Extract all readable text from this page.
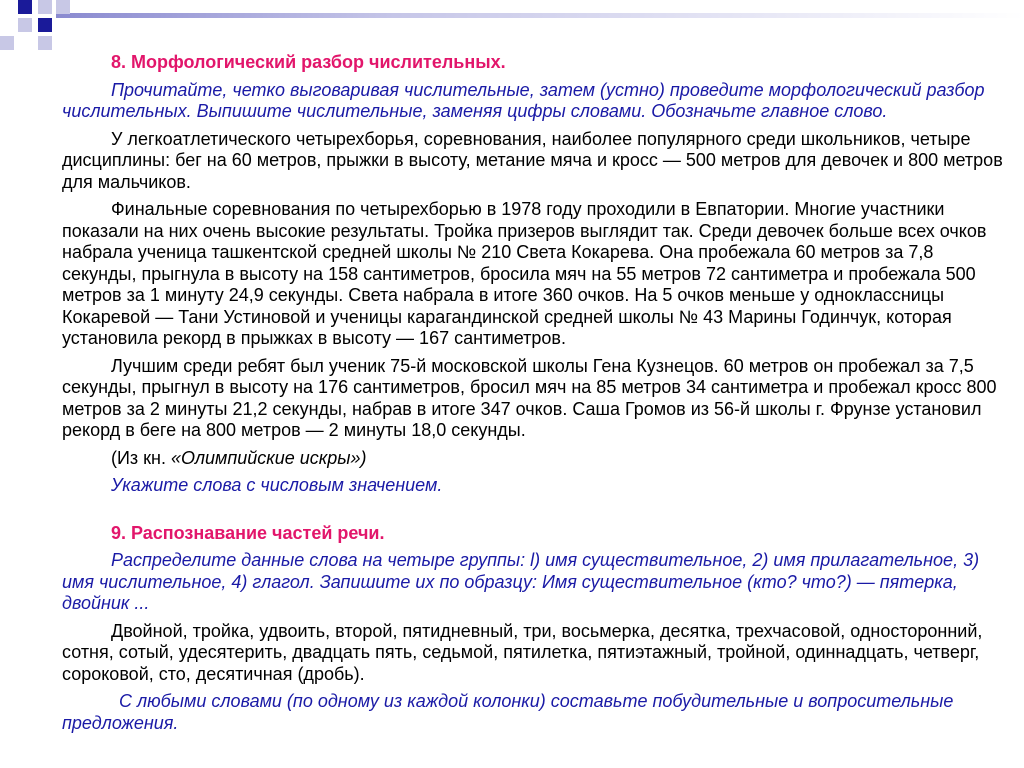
8. Морфологический разбор числительных.

Прочитайте, четко выговаривая числительные, затем (устно) проведите морфологический разбор числительных. Выпишите числительные, заменяя цифры словами. Обозначьте главное слово.

У легкоатлетического четырехборья, соревнования, наиболее популярного среди школьников, четыре дисциплины: бег на 60 метров, прыжки в высоту, метание мяча и кросс — 500 метров для девочек и 800 метров для мальчиков.

Финальные соревнования по четырехборью в 1978 году проходили в Евпатории. Многие участники показали на них очень высокие результаты. Тройка призеров выглядит так. Среди девочек больше всех очков набрала ученица ташкентской средней школы № 210 Света Кокарева. Она пробежала 60 метров за 7,8 секунды, прыгнула в высоту на 158 сантиметров, бросила мяч на 55 метров 72 сантиметра и пробежала 500 метров за 1 минуту 24,9 секунды. Света набрала в итоге 360 очков. На 5 очков меньше у одноклассницы Кокаревой — Тани Устиновой и ученицы карагандинской средней школы № 43 Марины Годинчук, которая установила рекорд в прыжках в высоту — 167 сантиметров.

Лучшим среди ребят был ученик 75-й московской школы Гена Кузнецов. 60 метров он пробежал за 7,5 секунды, прыгнул в высоту на 176 сантиметров, бросил мяч на 85 метров 34 сантиметра и пробежал кросс 800 метров за 2 минуты 21,2 секунды, набрав в итоге 347 очков. Саша Громов из 56-й школы г. Фрунзе установил рекорд в беге на 800 метров — 2 минуты 18,0 секунды.

(Из кн. «Олимпийские искры»)

Укажите слова с числовым значением.

9. Распознавание частей речи.

Распределите данные слова на четыре группы: l) имя существительное, 2) имя прилагательное, 3) имя числительное, 4) глагол. Запишите их по образцу: Имя существительное (кто? что?) — пятерка, двойник ...

Двойной, тройка, удвоить, второй, пятидневный, три, восьмерка, десятка, трехчасовой, односторонний, сотня, сотый, удесятерить, двадцать пять, седьмой, пятилетка, пятиэтажный, тройной, одиннадцать, четверг, сороковой, сто, десятичная (дробь).

С любыми словами (по одному из каждой колонки) составьте побудительные и вопросительные предложения.
